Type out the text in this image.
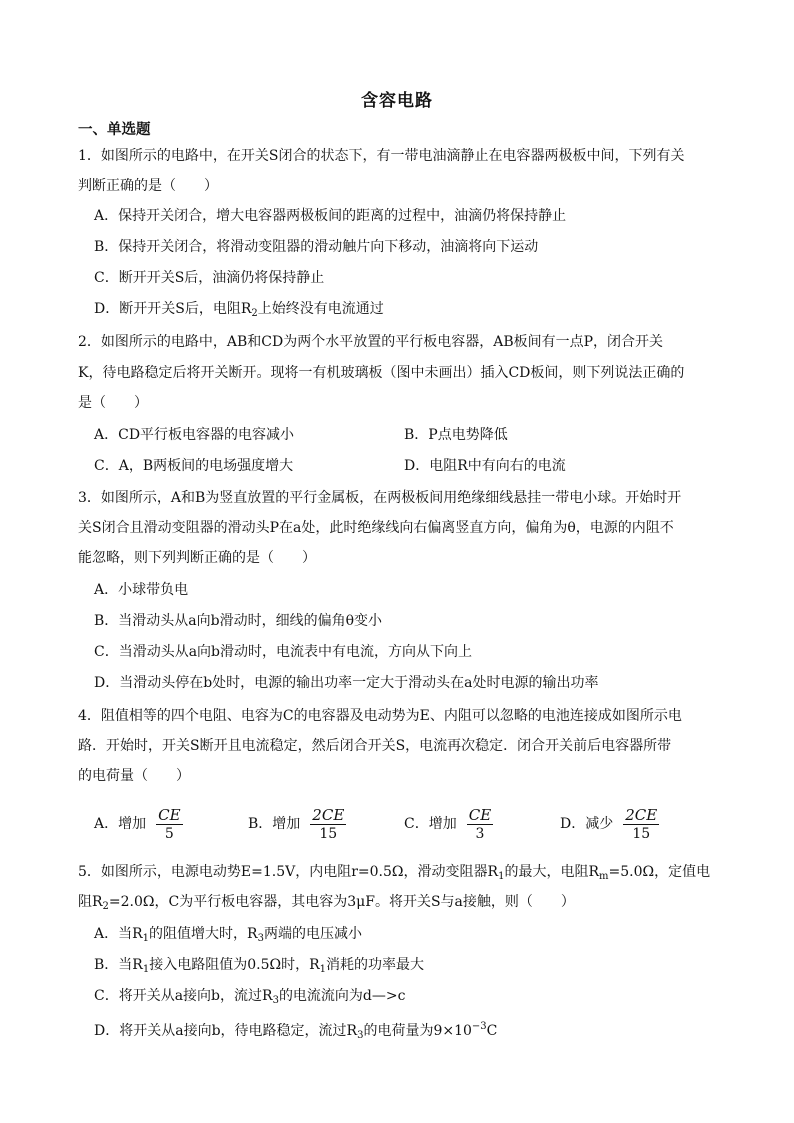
含容电路
一、单选题
1．如图所示的电路中，在开关S闭合的状态下，有一带电油滴静止在电容器两极板中间，下列有关
判断正确的是（　　）
A．保持开关闭合，增大电容器两极板间的距离的过程中，油滴仍将保持静止
B．保持开关闭合，将滑动变阻器的滑动触片向下移动，油滴将向下运动
C．断开开关S后，油滴仍将保持静止
D．断开开关S后，电阻$R_2$上始终没有电流通过
2．如图所示的电路中，AB和CD为两个水平放置的平行板电容器，AB板间有一点P，闭合开关
K，待电路稳定后将开关断开。现将一有机玻璃板（图中未画出）插入CD板间，则下列说法正确的
是（　　）
A．CD平行板电容器的电容减小	B．P点电势降低
C．A，B两板间的电场强度增大	D．电阻R中有向右的电流
3．如图所示，A和B为竖直放置的平行金属板，在两极板间用绝缘细线悬挂一带电小球。开始时开
关S闭合且滑动变阻器的滑动头P在a处，此时绝缘线向右偏离竖直方向，偏角为θ，电源的内阻不
能忽略，则下列判断正确的是（　　）
A．小球带负电
B．当滑动头从a向b滑动时，细线的偏角θ变小
C．当滑动头从a向b滑动时，电流表中有电流，方向从下向上
D．当滑动头停在b处时，电源的输出功率一定大于滑动头在a处时电源的输出功率
4．阻值相等的四个电阻、电容为C的电容器及电动势为E、内阻可以忽略的电池连接成如图所示电
路．开始时，开关S断开且电流稳定，然后闭合开关S，电流再次稳定．闭合开关前后电容器所带
的电荷量（　　）
A．增加 $\frac{CE}{5}$	B．增加 $\frac{2CE}{15}$	C．增加 $\frac{CE}{3}$	D．减少 $\frac{2CE}{15}$
5．如图所示，电源电动势E=1.5V，内电阻r=0.5Ω，滑动变阻器$R_1$的最大，电阻$R_m=5.0\Omega$，定值电
阻$R_2=2.0\Omega$，C为平行板电容器，其电容为3μF。将开关S与a接触，则（　　）
A．当$R_1$的阻值增大时，$R_3$两端的电压减小
B．当$R_1$接入电路阻值为0.5Ω时，$R_1$消耗的功率最大
C．将开关从a接向b，流过$R_3$的电流流向为d—>c
D．将开关从a接向b，待电路稳定，流过$R_3$的电荷量为$9\times 10^{-3}C$
